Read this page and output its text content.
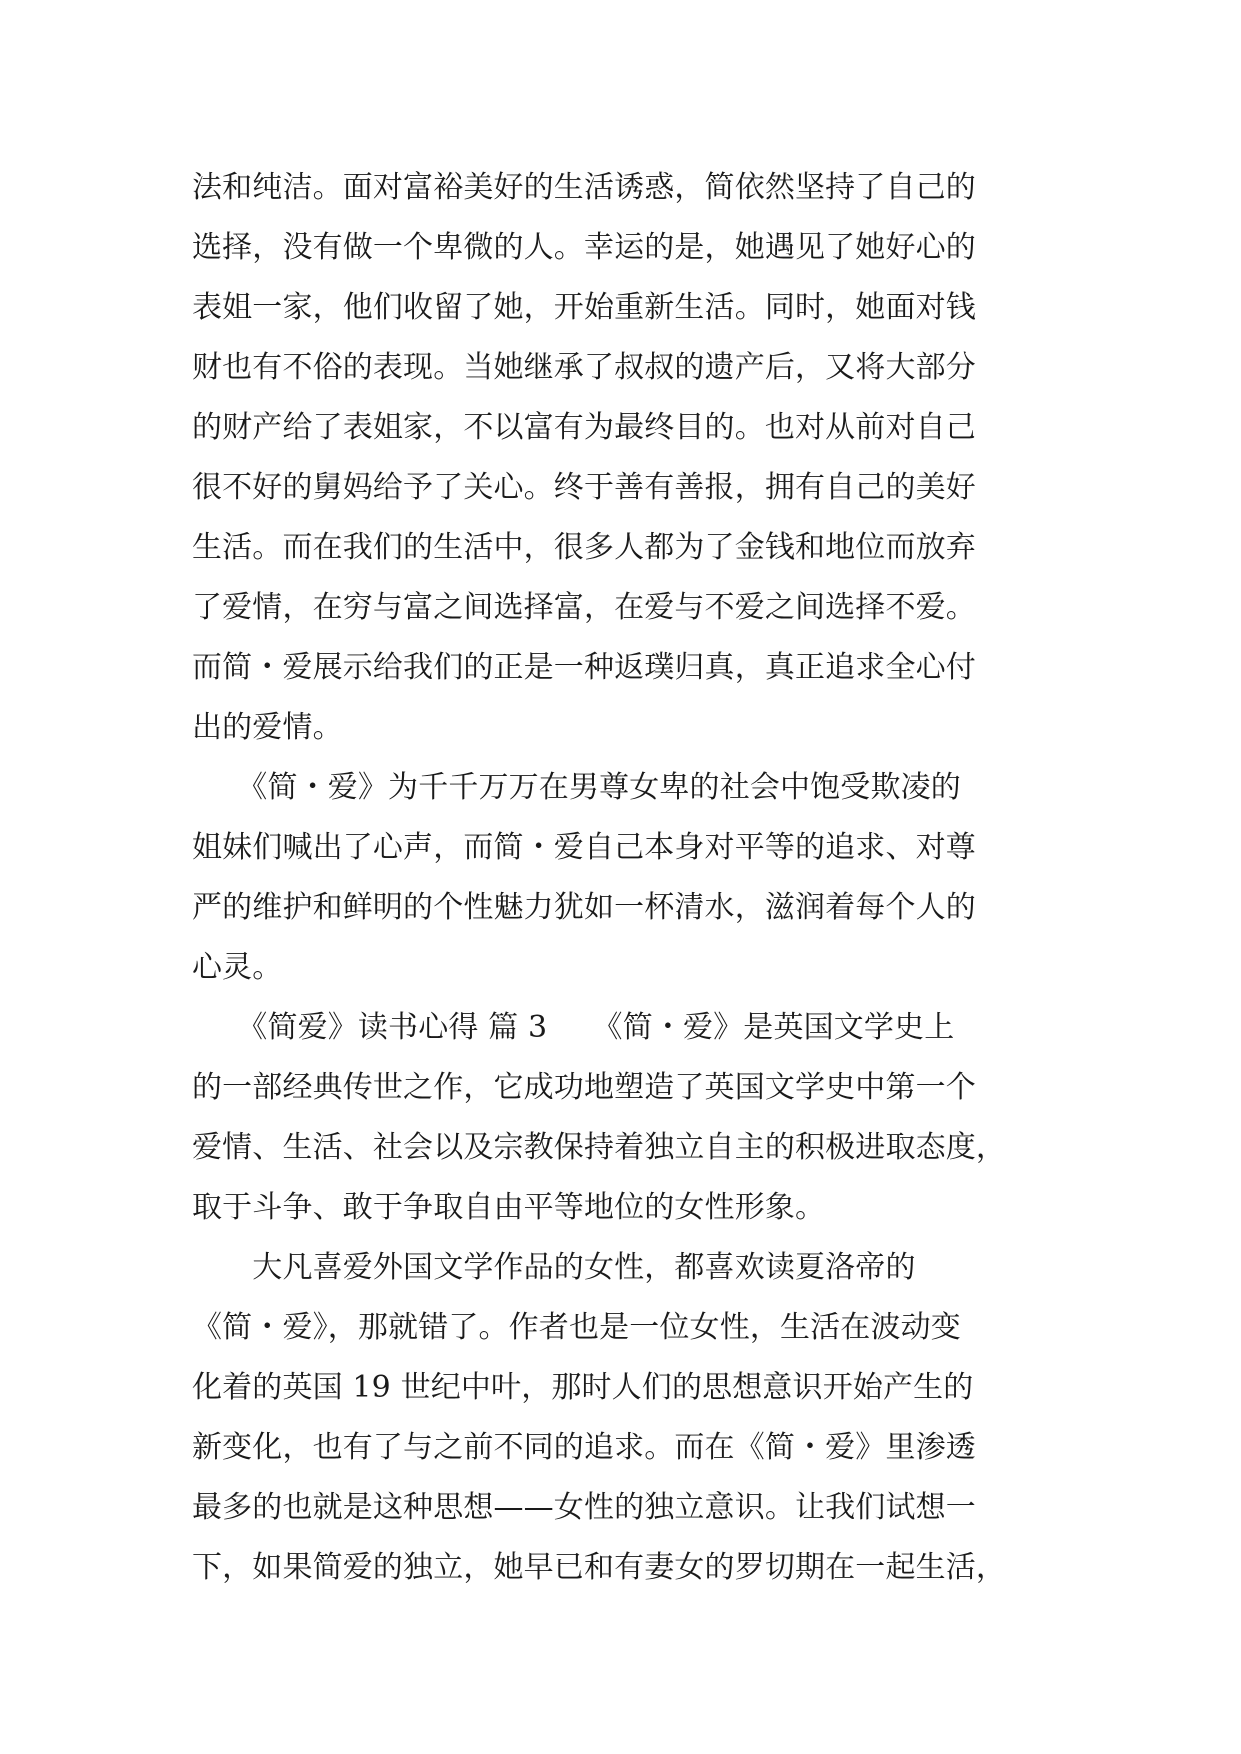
法和纯洁。面对富裕美好的生活诱惑，简依然坚持了自己的
选择，没有做一个卑微的人。幸运的是，她遇见了她好心的
表姐一家，他们收留了她，开始重新生活。同时，她面对钱
财也有不俗的表现。当她继承了叔叔的遗产后，又将大部分
的财产给了表姐家，不以富有为最终目的。也对从前对自己
很不好的舅妈给予了关心。终于善有善报，拥有自己的美好
生活。而在我们的生活中，很多人都为了金钱和地位而放弃
了爱情，在穷与富之间选择富，在爱与不爱之间选择不爱。
而简・爱展示给我们的正是一种返璞归真，真正追求全心付
出的爱情。
　　《简・爱》为千千万万在男尊女卑的社会中饱受欺凌的
姐妹们喊出了心声，而简・爱自己本身对平等的追求、对尊
严的维护和鲜明的个性魅力犹如一杯清水，滋润着每个人的
心灵。
　　《简爱》读书心得 篇 3　　《简・爱》是英国文学史上
的一部经典传世之作，它成功地塑造了英国文学史中第一个
爱情、生活、社会以及宗教保持着独立自主的积极进取态度，
取于斗争、敢于争取自由平等地位的女性形象。
　　大凡喜爱外国文学作品的女性，都喜欢读夏洛帝的
《简・爱》，那就错了。作者也是一位女性，生活在波动变
化着的英国 19 世纪中叶，那时人们的思想意识开始产生的
新变化，也有了与之前不同的追求。而在《简・爱》里渗透
最多的也就是这种思想——女性的独立意识。让我们试想一
下，如果简爱的独立，她早已和有妻女的罗切期在一起生活，
